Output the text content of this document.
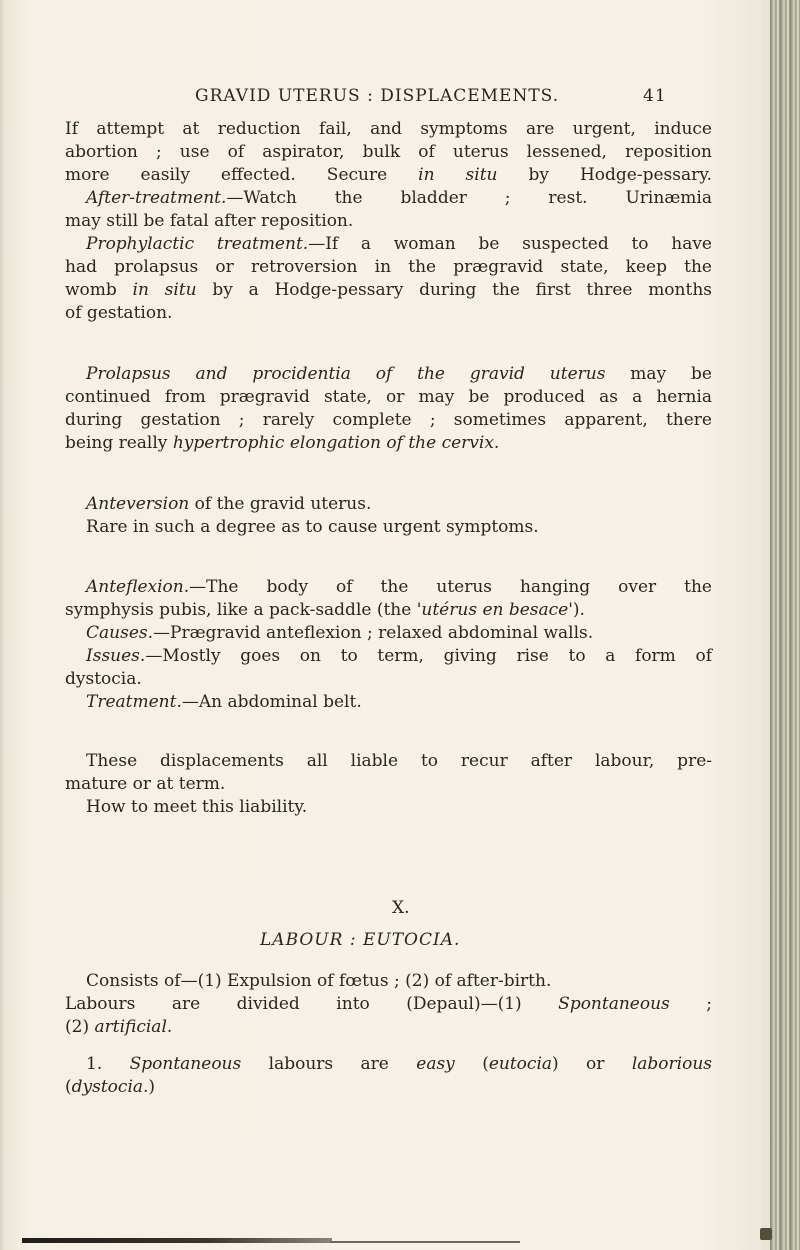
GRAVID UTERUS : DISPLACEMENTS.	41
If attempt at reduction fail, and symptoms are urgent, induce
abortion ; use of aspirator, bulk of uterus lessened, reposition
more easily effected. Secure in situ by Hodge-pessary.
After-treatment.—Watch the bladder ; rest. Urinæmia
may still be fatal after reposition.
Prophylactic treatment.—If a woman be suspected to have
had prolapsus or retroversion in the prægravid state, keep the
womb in situ by a Hodge-pessary during the first three months
of gestation.
Prolapsus and procidentia of the gravid uterus may be
continued from prægravid state, or may be produced as a hernia
during gestation ; rarely complete ; sometimes apparent, there
being really hypertrophic elongation of the cervix.
Anteversion of the gravid uterus.
Rare in such a degree as to cause urgent symptoms.
Anteflexion.—The body of the uterus hanging over the
symphysis pubis, like a pack-saddle (the 'utérus en besace').
Causes.—Prægravid anteflexion ; relaxed abdominal walls.
Issues.—Mostly goes on to term, giving rise to a form of
dystocia.
Treatment.—An abdominal belt.
These displacements all liable to recur after labour, pre-
mature or at term.
How to meet this liability.
Consists of—(1) Expulsion of fœtus ; (2) of after-birth.
Labours are divided into (Depaul)—(1) Spontaneous ;
(2) artificial.
1. Spontaneous labours are easy (eutocia) or laborious
(dystocia.)
X.
LABOUR : EUTOCIA.
